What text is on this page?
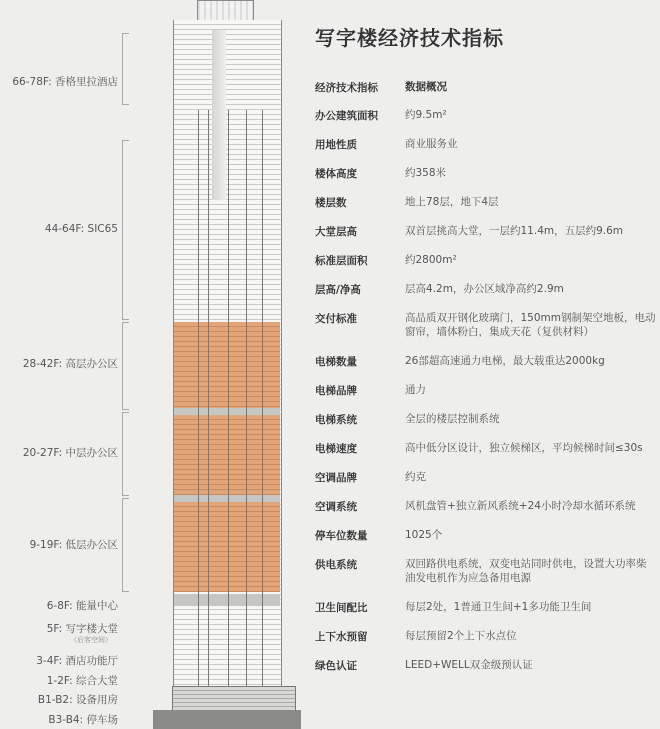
66-78F: 香格里拉酒店
44-64F: SIC65
28-42F: 高层办公区
20-27F: 中层办公区
9-19F: 低层办公区
6-8F: 能量中心
5F: 写字楼大堂
（后客空间）
3-4F: 酒店功能厅
1-2F: 综合大堂
B1-B2: 设备用房
B3-B4: 停车场
写字楼经济技术指标
经济技术指标	数据概况
办公建筑面积	约9.5m²
用地性质	商业服务业
楼体高度	约358米
楼层数	地上78层，地下4层
大堂层高	双首层挑高大堂，一层约11.4m，五层约9.6m
标准层面积	约2800m²
层高/净高	层高4.2m，办公区域净高约2.9m
交付标准	高品质双开钢化玻璃门，150mm钢制架空地板，电动窗帘，墙体粉白，集成天花（复供材料）
电梯数量	26部超高速通力电梯，最大载重达2000kg
电梯品牌	通力
电梯系统	全层的楼层控制系统
电梯速度	高中低分区设计，独立候梯区，平均候梯时间≤30s
空调品牌	约克
空调系统	风机盘管+独立新风系统+24小时冷却水循环系统
停车位数量	1025个
供电系统	双回路供电系统，双变电站同时供电，设置大功率柴油发电机作为应急备用电源
卫生间配比	每层2处，1普通卫生间+1多功能卫生间
上下水预留	每层预留2个上下水点位
绿色认证	LEED+WELL双金级预认证
